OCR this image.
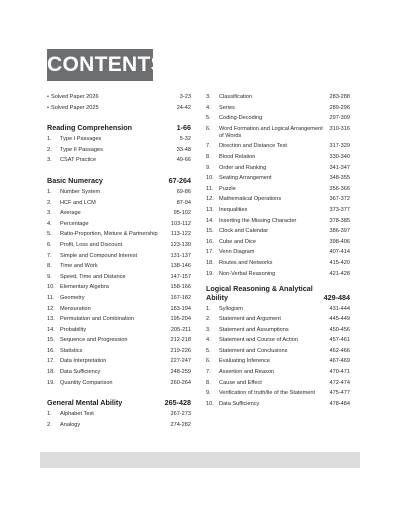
CONTENTS
• Solved Paper 2026	3-23
• Solved Paper 2025	24-42
Reading Comprehension	1-66
1.	Type I Passages	5-32
2.	Type II Passages	33-48
3.	CSAT Practice	49-66
Basic Numeracy	67-264
1.	Number System	69-86
2.	HCF and LCM	87-94
3.	Average	95-102
4.	Percentage	103-112
5.	Ratio-Proportion, Mixture & Partnership 113-122
6.	Profit, Loss and Discount	123-130
7.	Simple and Compound Interest	131-137
8.	Time and Work	138-146
9.	Speed, Time and Distance	147-157
10. Elementary Algebra	158-166
11.	Geometry	167-182
12. Mensuration	183-194
13. Permutation and Combination	195-204
14. Probability	205-211
15. Sequence and Progression	212-218
16. Statistics	219-226
17. Data Interpretation	227-247
18. Data Sufficiency	248-259
19. Quantity Comparison	260-264
General Mental Ability	265-428
1.	Alphabet Test	267-273
2.	Analogy	274-282
3.	Classification	283-288
4.	Series	289-296
5.	Coding-Decoding	297-309
6.	Word Formation and Logical Arrangement of Words
310-316
7.	Direction and Distance Test	317-329
8.	Blood Relation	330-340
9.	Order and Ranking	341-347
10. Seating Arrangement	348-355
11.	Puzzle	356-366
12. Mathematical Operations	367-372
13. Inequalities	373-377
14. Inserting the Missing Character	378-385
15. Clock and Calendar	386-397
16. Cube and Dice	398-406
17. Venn Diagram	407-414
18. Routes and Networks	415-420
19. Non-Verbal Reasoning	421-428
Logical Reasoning & Analytical Ability	429-484
1.	Syllogism	431-444
2.	Statement and Argument	445-449
3.	Statement and Assumptions	450-456
4.	Statement and Course of Action	457-461
5.	Statement and Conclusions	462-466
6.	Evaluating Inference	467-469
7.	Assertion and Reason	470-471
8.	Cause and Effect	472-474
9.	Verification of truth/lie of the Statement	475-477
10. Data Sufficiency	478-484
